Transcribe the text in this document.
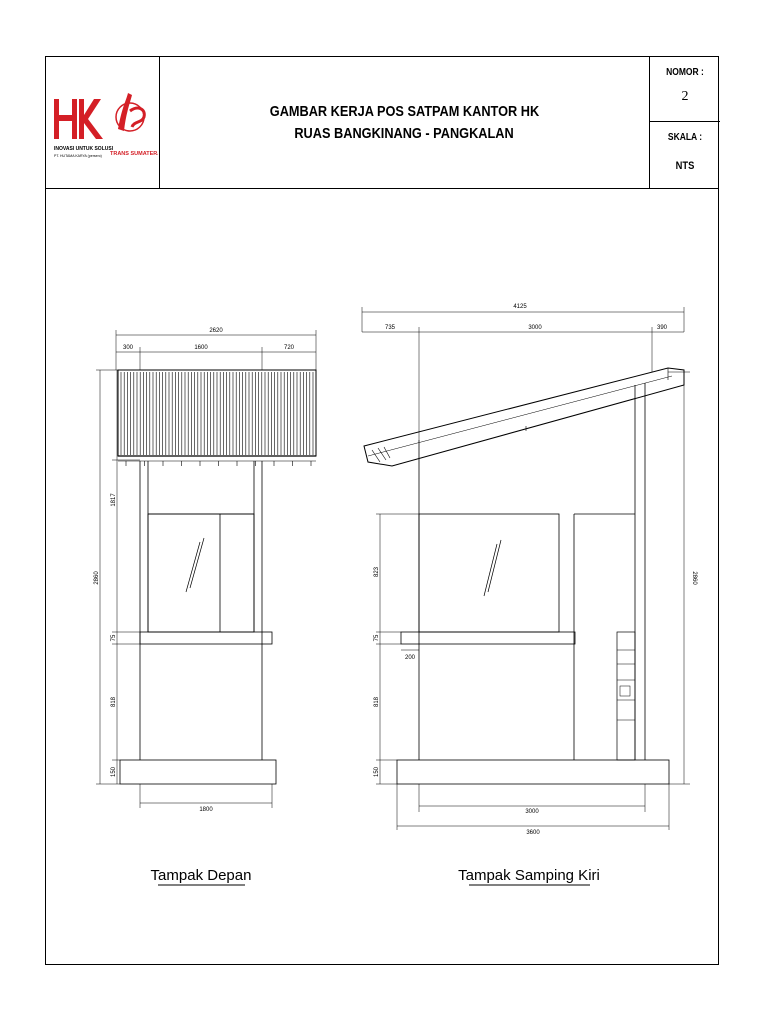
INOVASI UNTUK SOLUSI
PT. HUTAMA KARYA (persero) TRANS SUMATERA
GAMBAR KERJA POS SATPAM KANTOR HK
RUAS BANGKINANG - PANGKALAN
NOMOR :
2
SKALA :
NTS
2620
300	1600	720
2860
1817
75
818
150
1800
Tampak Depan
4125
735	3000	390
823
75
818
150
200
2860
3000
3600
Tampak Samping Kiri
